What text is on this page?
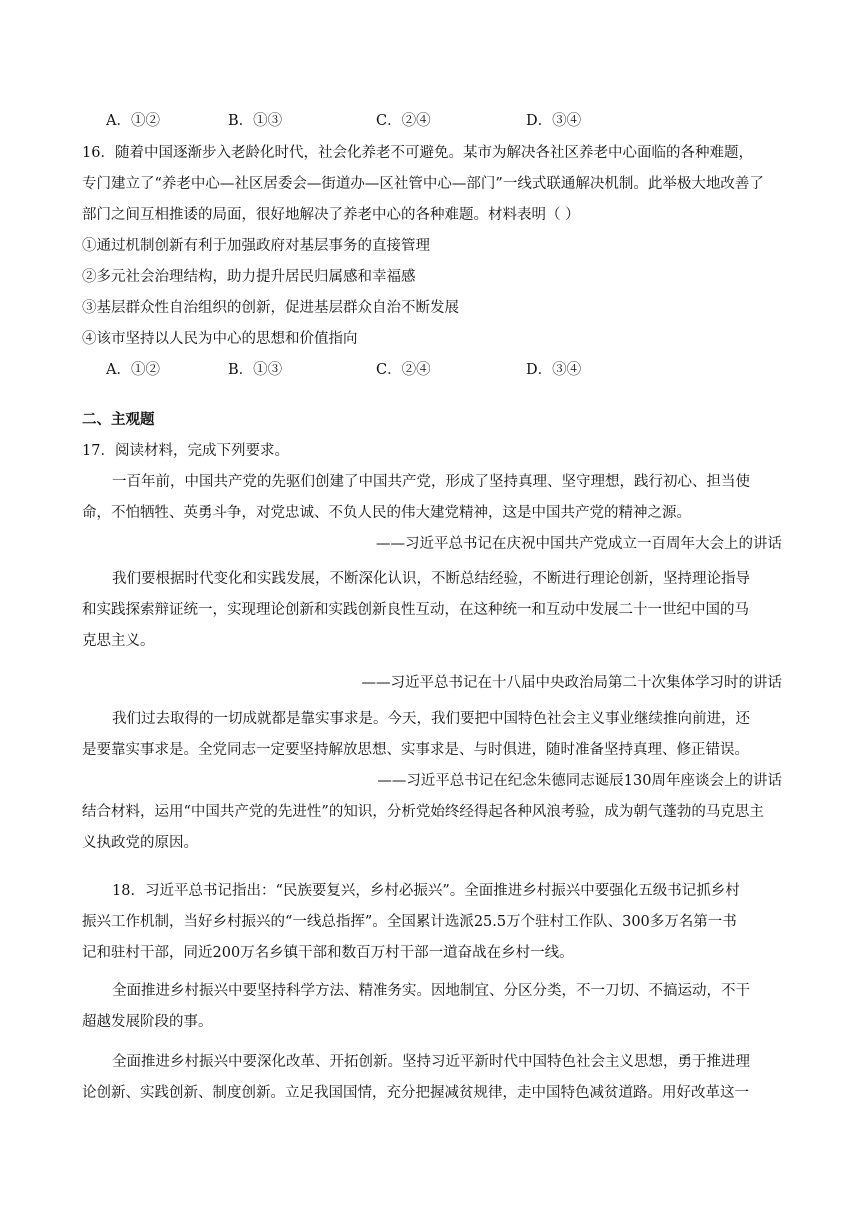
A．①②	B．①③	C．②④	D．③④
16．随着中国逐渐步入老龄化时代，社会化养老不可避免。某市为解决各社区养老中心面临的各种难题，
专门建立了“养老中心—社区居委会—街道办—区社管中心—部门”一线式联通解决机制。此举极大地改善了
部门之间互相推诿的局面，很好地解决了养老中心的各种难题。材料表明（ ）
①通过机制创新有利于加强政府对基层事务的直接管理
②多元社会治理结构，助力提升居民归属感和幸福感
③基层群众性自治组织的创新，促进基层群众自治不断发展
④该市坚持以人民为中心的思想和价值指向
A．①②	B．①③	C．②④	D．③④
二、主观题
17．阅读材料，完成下列要求。
一百年前，中国共产党的先驱们创建了中国共产党，形成了坚持真理、坚守理想，践行初心、担当使
命，不怕牺牲、英勇斗争，对党忠诚、不负人民的伟大建党精神，这是中国共产党的精神之源。
——习近平总书记在庆祝中国共产党成立一百周年大会上的讲话
我们要根据时代变化和实践发展，不断深化认识，不断总结经验，不断进行理论创新，坚持理论指导
和实践探索辩证统一，实现理论创新和实践创新良性互动，在这种统一和互动中发展二十一世纪中国的马
克思主义。
——习近平总书记在十八届中央政治局第二十次集体学习时的讲话
我们过去取得的一切成就都是靠实事求是。今天，我们要把中国特色社会主义事业继续推向前进，还
是要靠实事求是。全党同志一定要坚持解放思想、实事求是、与时俱进，随时准备坚持真理、修正错误。
——习近平总书记在纪念朱德同志诞辰130周年座谈会上的讲话
结合材料，运用“中国共产党的先进性”的知识，分析党始终经得起各种风浪考验，成为朝气蓬勃的马克思主
义执政党的原因。
18．习近平总书记指出：“民族要复兴，乡村必振兴”。全面推进乡村振兴中要强化五级书记抓乡村
振兴工作机制，当好乡村振兴的“一线总指挥”。全国累计选派25.5万个驻村工作队、300多万名第一书
记和驻村干部，同近200万名乡镇干部和数百万村干部一道奋战在乡村一线。
全面推进乡村振兴中要坚持科学方法、精准务实。因地制宜、分区分类，不一刀切、不搞运动，不干
超越发展阶段的事。
全面推进乡村振兴中要深化改革、开拓创新。坚持习近平新时代中国特色社会主义思想，勇于推进理
论创新、实践创新、制度创新。立足我国国情，充分把握减贫规律，走中国特色减贫道路。用好改革这一
